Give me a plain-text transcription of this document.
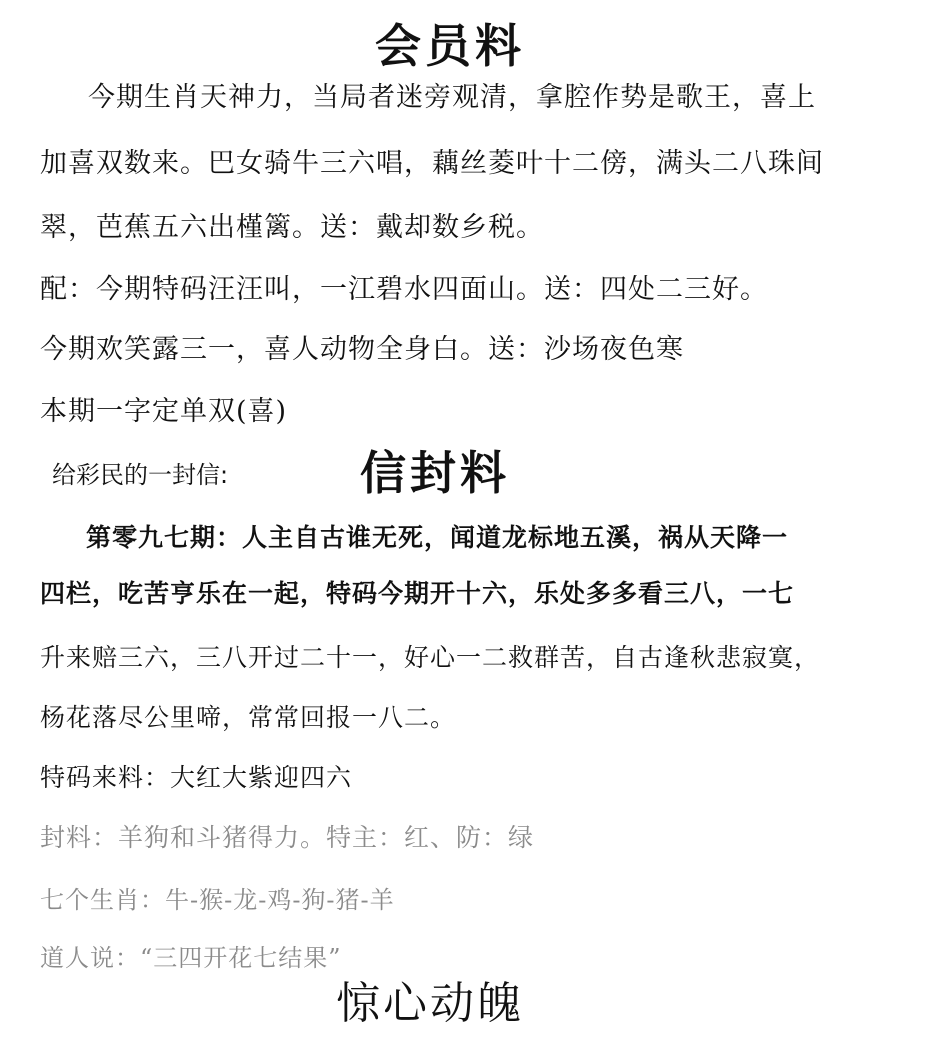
会员料
今期生肖天神力，当局者迷旁观清，拿腔作势是歌王，喜上
加喜双数来。巴女骑牛三六唱，藕丝菱叶十二傍，满头二八珠间
翠，芭蕉五六出槿篱。送：戴却数乡税。
配：今期特码汪汪叫，一江碧水四面山。送：四处二三好。
今期欢笑露三一，喜人动物全身白。送：沙场夜色寒
本期一字定单双(喜)
给彩民的一封信:	信封料
第零九七期：人主自古谁无死，闻道龙标地五溪，祸从天降一
四栏，吃苦亨乐在一起，特码今期开十六，乐处多多看三八，一七
升来赔三六，三八开过二十一，好心一二救群苦，自古逢秋悲寂寞，
杨花落尽公里啼，常常回报一八二。
特码来料：大红大紫迎四六
封料：羊狗和斗猪得力。特主：红、防：绿
七个生肖：牛-猴-龙-鸡-狗-猪-羊
道人说：“三四开花七结果”
惊心动魄
